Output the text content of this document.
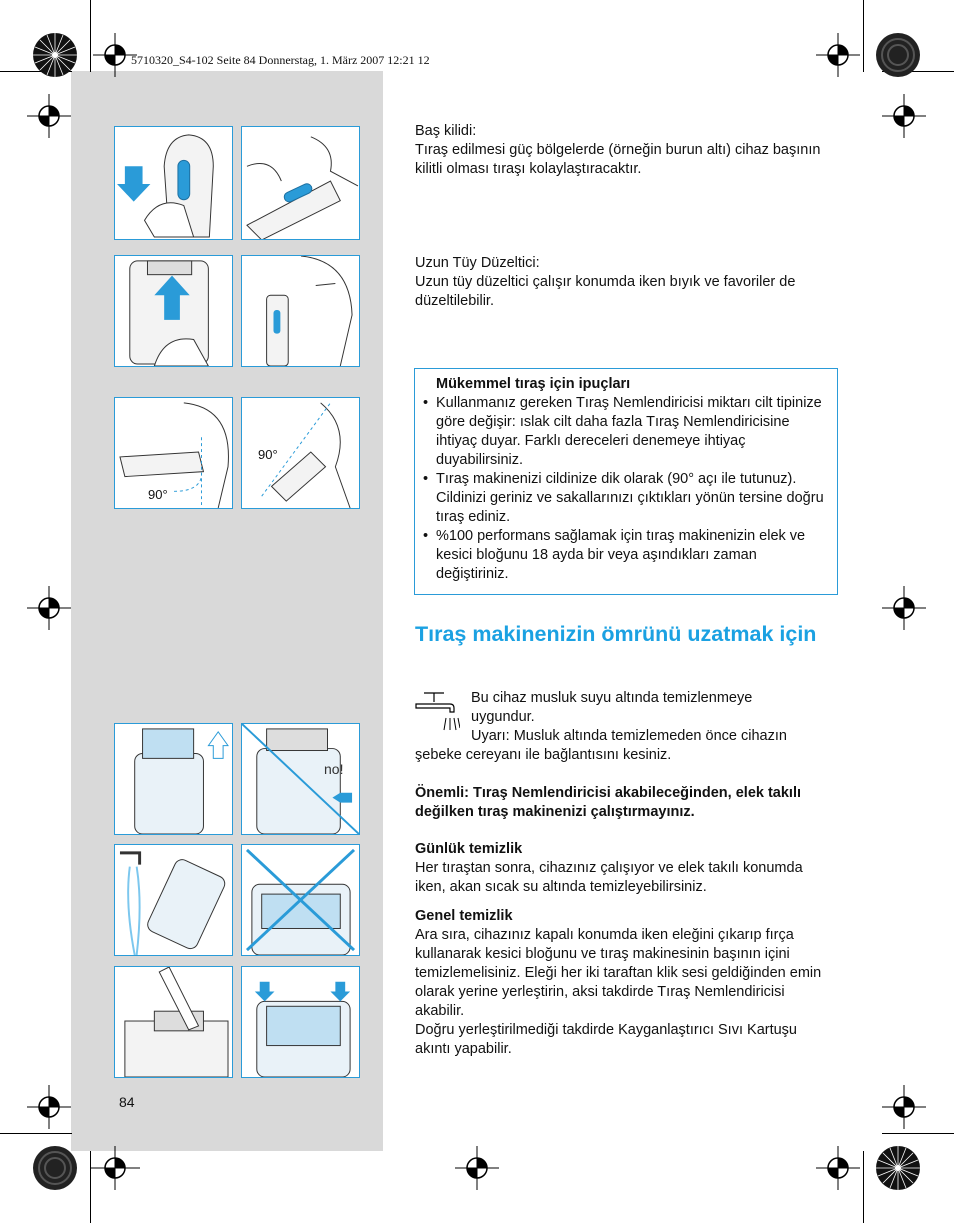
5710320_S4-102 Seite 84 Donnerstag, 1. März 2007 12:21 12
90°
90°
no!
Baş kilidi:
Tıraş edilmesi güç bölgelerde (örneğin burun altı) cihaz başının kilitli olması tıraşı kolaylaştıracaktır.
Uzun Tüy Düzeltici:
Uzun tüy düzeltici çalışır konumda iken bıyık ve favoriler de düzeltilebilir.
Mükemmel tıraş için ipuçları
• Kullanmanız gereken Tıraş Nemlendiricisi miktarı cilt tipinize göre değişir: ıslak cilt daha fazla Tıraş Nemlendiricisine ihtiyaç duyar. Farklı dereceleri denemeye ihtiyaç duyabilirsiniz.
• Tıraş makinenizi cildinize dik olarak (90° açı ile tutunuz). Cildinizi geriniz ve sakallarınızı çıktıkları yönün tersine doğru tıraş ediniz.
• %100 performans sağlamak için tıraş makinenizin elek ve kesici bloğunu 18 ayda bir veya aşındıkları zaman değiştiriniz.
Tıraş makinenizin ömrünü uzatmak için
Bu cihaz musluk suyu altında temizlenmeye
uygundur.
Uyarı: Musluk altında temizlemeden önce cihazın şebeke cereyanı ile bağlantısını kesiniz.
Önemli: Tıraş Nemlendiricisi akabileceğinden, elek takılı değilken tıraş makinenizi çalıştırmayınız.
Günlük temizlik
Her tıraştan sonra, cihazınız çalışıyor ve elek takılı konumda iken, akan sıcak su altında temizleyebilirsiniz.
Genel temizlik
Ara sıra, cihazınız kapalı konumda iken eleğini çıkarıp fırça kullanarak kesici bloğunu ve tıraş makinesinin başının içini temizlemelisiniz. Eleği her iki taraftan klik sesi geldiğinden emin olarak yerine yerleştirin, aksi takdirde Tıraş Nemlendiricisi akabilir.
Doğru yerleştirilmediği takdirde Kayganlaştırıcı Sıvı Kartuşu akıntı yapabilir.
84
